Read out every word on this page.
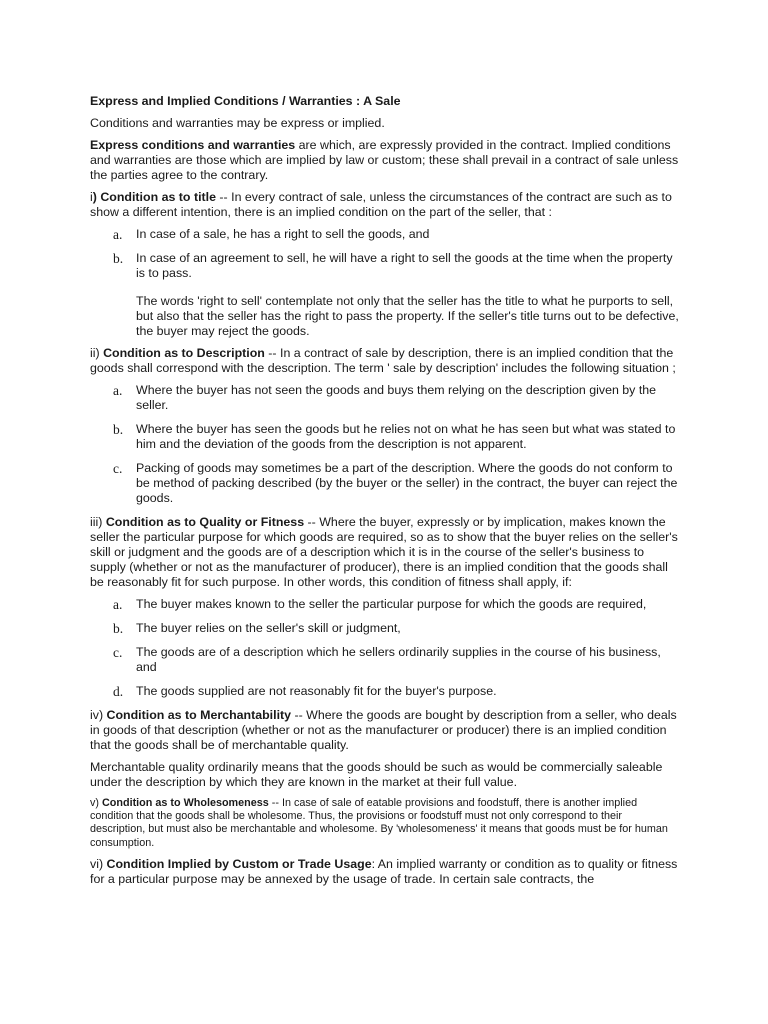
Express and Implied Conditions / Warranties : A Sale

Conditions and warranties may be express or implied.

Express conditions and warranties are which, are expressly provided in the contract. Implied conditions and warranties are those which are implied by law or custom; these shall prevail in a contract of sale unless the parties agree to the contrary.

i) Condition as to title -- In every contract of sale, unless the circumstances of the contract are such as to show a different intention, there is an implied condition on the part of the seller, that :

a. In case of a sale, he has a right to sell the goods, and
b. In case of an agreement to sell, he will have a right to sell the goods at the time when the property is to pass.

The words 'right to sell' contemplate not only that the seller has the title to what he purports to sell, but also that the seller has the right to pass the property. If the seller's title turns out to be defective, the buyer may reject the goods.

ii) Condition as to Description -- In a contract of sale by description, there is an implied condition that the goods shall correspond with the description. The term ' sale by description' includes the following situation ;

a. Where the buyer has not seen the goods and buys them relying on the description given by the seller.
b. Where the buyer has seen the goods but he relies not on what he has seen but what was stated to him and the deviation of the goods from the description is not apparent.
c. Packing of goods may sometimes be a part of the description. Where the goods do not conform to be method of packing described (by the buyer or the seller) in the contract, the buyer can reject the goods.

iii) Condition as to Quality or Fitness -- Where the buyer, expressly or by implication, makes known the seller the particular purpose for which goods are required, so as to show that the buyer relies on the seller's skill or judgment and the goods are of a description which it is in the course of the seller's business to supply (whether or not as the manufacturer of producer), there is an implied condition that the goods shall be reasonably fit for such purpose. In other words, this condition of fitness shall apply, if:

a. The buyer makes known to the seller the particular purpose for which the goods are required,
b. The buyer relies on the seller's skill or judgment,
c. The goods are of a description which he sellers ordinarily supplies in the course of his business, and
d. The goods supplied are not reasonably fit for the buyer's purpose.

iv) Condition as to Merchantability -- Where the goods are bought by description from a seller, who deals in goods of that description (whether or not as the manufacturer or producer) there is an implied condition that the goods shall be of merchantable quality.

Merchantable quality ordinarily means that the goods should be such as would be commercially saleable under the description by which they are known in the market at their full value.

v) Condition as to Wholesomeness -- In case of sale of eatable provisions and foodstuff, there is another implied condition that the goods shall be wholesome. Thus, the provisions or foodstuff must not only correspond to their description, but must also be merchantable and wholesome. By 'wholesomeness' it means that goods must be for human consumption.

vi) Condition Implied by Custom or Trade Usage: An implied warranty or condition as to quality or fitness for a particular purpose may be annexed by the usage of trade. In certain sale contracts, the
